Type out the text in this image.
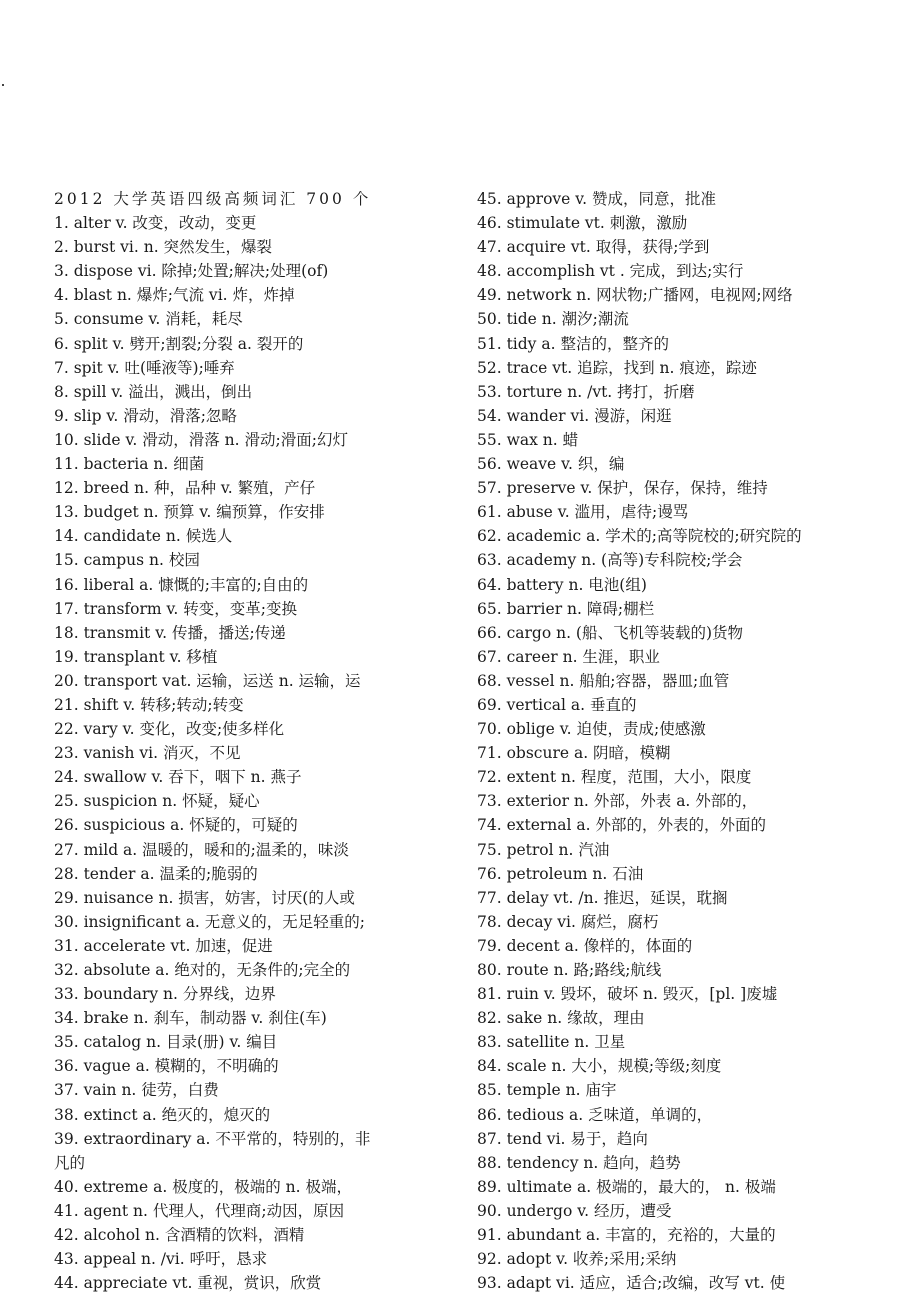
2012 大学英语四级高频词汇 700 个
1. alter v. 改变，改动，变更
2. burst vi. n. 突然发生，爆裂
3. dispose vi. 除掉;处置;解决;处理(of)
4. blast n. 爆炸;气流 vi. 炸，炸掉
5. consume v. 消耗，耗尽
6. split v. 劈开;割裂;分裂 a. 裂开的
7. spit v. 吐(唾液等);唾弃
8. spill v. 溢出，溅出，倒出
9. slip v. 滑动，滑落;忽略
10. slide v. 滑动，滑落 n. 滑动;滑面;幻灯
11. bacteria n. 细菌
12. breed n. 种，品种 v. 繁殖，产仔
13. budget n. 预算 v. 编预算，作安排
14. candidate n. 候选人
15. campus n. 校园
16. liberal a. 慷慨的;丰富的;自由的
17. transform v. 转变，变革;变换
18. transmit v. 传播，播送;传递
19. transplant v. 移植
20. transport vat. 运输，运送 n. 运输，运
21. shift v. 转移;转动;转变
22. vary v. 变化，改变;使多样化
23. vanish vi. 消灭，不见
24. swallow v. 吞下，咽下 n. 燕子
25. suspicion n. 怀疑，疑心
26. suspicious a. 怀疑的，可疑的
27. mild a. 温暖的，暖和的;温柔的，味淡
28. tender a. 温柔的;脆弱的
29. nuisance n. 损害，妨害，讨厌(的人或
30. insignificant a. 无意义的，无足轻重的;
31. accelerate vt. 加速，促进
32. absolute a. 绝对的，无条件的;完全的
33. boundary n. 分界线，边界
34. brake n. 刹车，制动器 v. 刹住(车)
35. catalog n. 目录(册) v. 编目
36. vague a. 模糊的，不明确的
37. vain n. 徒劳，白费
38. extinct a. 绝灭的，熄灭的
39. extraordinary a. 不平常的，特别的，非
凡的
40. extreme a. 极度的，极端的 n. 极端，
41. agent n. 代理人，代理商;动因，原因
42. alcohol n. 含酒精的饮料，酒精
43. appeal n. /vi. 呼吁，恳求
44. appreciate vt. 重视，赏识，欣赏
45. approve v. 赞成，同意，批准
46. stimulate vt. 刺激，激励
47. acquire vt. 取得，获得;学到
48. accomplish vt . 完成，到达;实行
49. network n. 网状物;广播网，电视网;网络
50. tide n. 潮汐;潮流
51. tidy a. 整洁的，整齐的
52. trace vt. 追踪，找到 n. 痕迹，踪迹
53. torture n. /vt. 拷打，折磨
54. wander vi. 漫游，闲逛
55. wax n. 蜡
56. weave v. 织，编
57. preserve v. 保护，保存，保持，维持
61. abuse v. 滥用，虐待;谩骂
62. academic a. 学术的;高等院校的;研究院的
63. academy n. (高等)专科院校;学会
64. battery n. 电池(组)
65. barrier n. 障碍;棚栏
66. cargo n. (船、飞机等装载的)货物
67. career n. 生涯，职业
68. vessel n. 船舶;容器，器皿;血管
69. vertical a. 垂直的
70. oblige v. 迫使，责成;使感激
71. obscure a. 阴暗，模糊
72. extent n. 程度，范围，大小，限度
73. exterior n. 外部，外表 a. 外部的，
74. external a. 外部的，外表的，外面的
75. petrol n. 汽油
76. petroleum n. 石油
77. delay vt. /n. 推迟，延误，耽搁
78. decay vi. 腐烂，腐朽
79. decent a. 像样的，体面的
80. route n. 路;路线;航线
81. ruin v. 毁坏，破坏 n. 毁灭，[pl. ]废墟
82. sake n. 缘故，理由
83. satellite n. 卫星
84. scale n. 大小，规模;等级;刻度
85. temple n. 庙宇
86. tedious a. 乏味道，单调的，
87. tend vi. 易于，趋向
88. tendency n. 趋向，趋势
89. ultimate a. 极端的，最大的， n. 极端
90. undergo v. 经历，遭受
91. abundant a. 丰富的，充裕的，大量的
92. adopt v. 收养;采用;采纳
93. adapt vi. 适应，适合;改编，改写 vt. 使
